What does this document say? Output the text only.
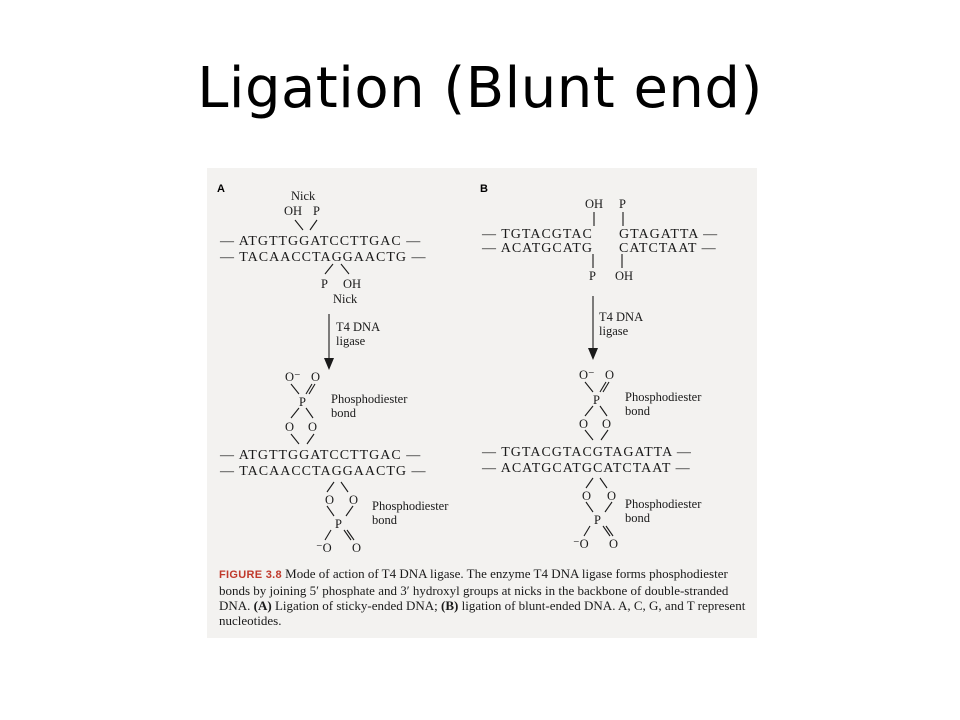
Ligation (Blunt end)
A	Nick
OH P
— ATGTTGGATCCTTGAC —
— TACAACCTAGGAACTG —
P OH
Nick
T4 DNA
ligase
O⁻ O
P Phosphodiester
bond
O O
— ATGTTGGATCCTTGAC —
— TACAACCTAGGAACTG —
O O Phosphodiester
bond
P
⁻O O
B
OH P
— TGTACGTAC GTAGATTA —
— ACATGCATG CATCTAAT —
P OH
T4 DNA
ligase
O⁻ O
P Phosphodiester
bond
O O
— TGTACGTACGTAGATTA —
— ACATGCATGCATCTAAT —
O O
Phosphodiester
bond
P
⁻O O
FIGURE 3.8 Mode of action of T4 DNA ligase. The enzyme T4 DNA ligase forms phosphodiester bonds by joining 5′ phosphate and 3′ hydroxyl groups at nicks in the backbone of double-stranded DNA. (A) Ligation of sticky-ended DNA; (B) ligation of blunt-ended DNA. A, C, G, and T represent nucleotides.
